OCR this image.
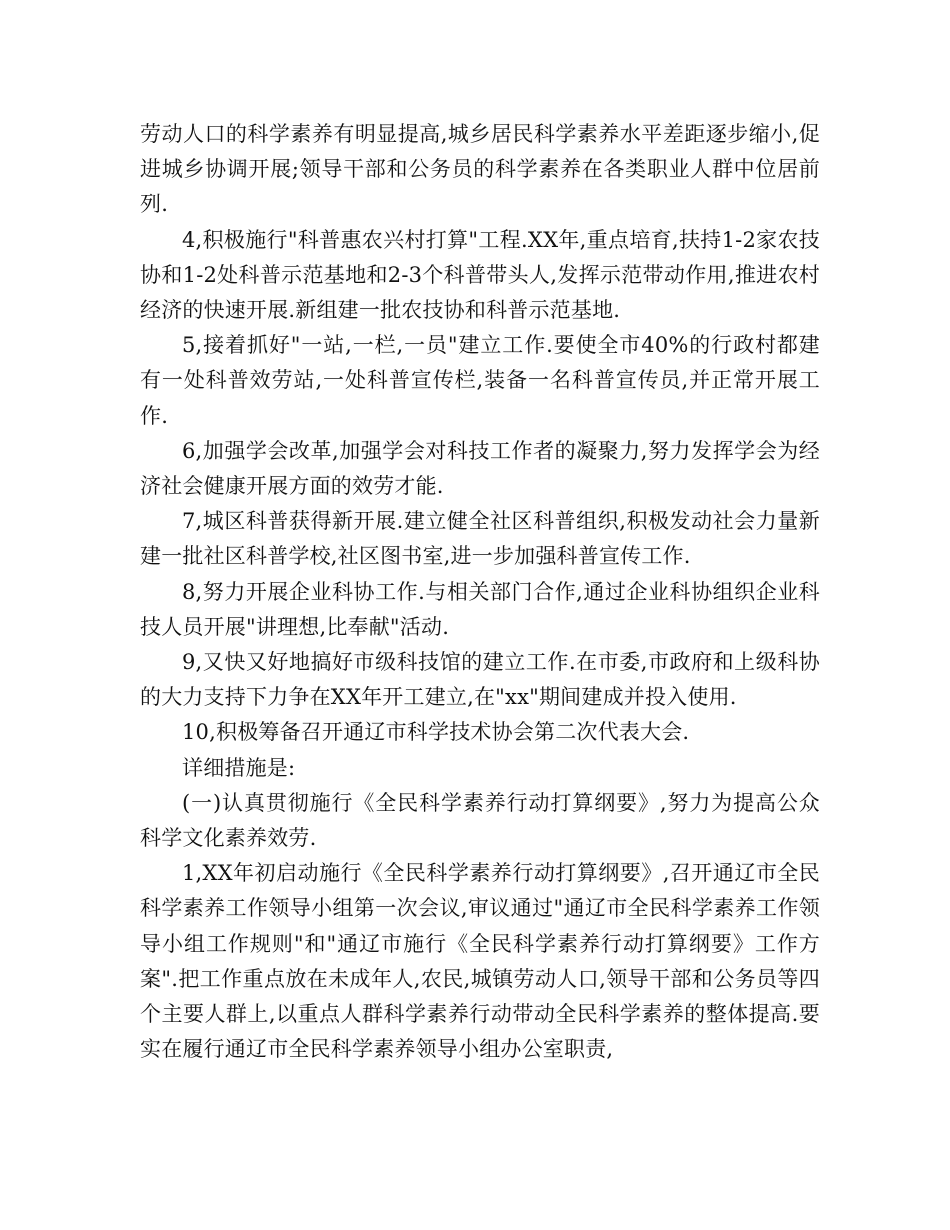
劳动人口的科学素养有明显提高,城乡居民科学素养水平差距逐步缩小,促进城乡协调开展;领导干部和公务员的科学素养在各类职业人群中位居前列.

4,积极施行"科普惠农兴村打算"工程.XX年,重点培育,扶持1-2家农技协和1-2处科普示范基地和2-3个科普带头人,发挥示范带动作用,推进农村经济的快速开展.新组建一批农技协和科普示范基地.

5,接着抓好"一站,一栏,一员"建立工作.要使全市40%的行政村都建有一处科普效劳站,一处科普宣传栏,装备一名科普宣传员,并正常开展工作.

6,加强学会改革,加强学会对科技工作者的凝聚力,努力发挥学会为经济社会健康开展方面的效劳才能.

7,城区科普获得新开展.建立健全社区科普组织,积极发动社会力量新建一批社区科普学校,社区图书室,进一步加强科普宣传工作.

8,努力开展企业科协工作.与相关部门合作,通过企业科协组织企业科技人员开展"讲理想,比奉献"活动.

9,又快又好地搞好市级科技馆的建立工作.在市委,市政府和上级科协的大力支持下力争在XX年开工建立,在"xx"期间建成并投入使用.

10,积极筹备召开通辽市科学技术协会第二次代表大会.

详细措施是:

(一)认真贯彻施行《全民科学素养行动打算纲要》,努力为提高公众科学文化素养效劳.

1,XX年初启动施行《全民科学素养行动打算纲要》,召开通辽市全民科学素养工作领导小组第一次会议,审议通过"通辽市全民科学素养工作领导小组工作规则"和"通辽市施行《全民科学素养行动打算纲要》工作方案".把工作重点放在未成年人,农民,城镇劳动人口,领导干部和公务员等四个主要人群上,以重点人群科学素养行动带动全民科学素养的整体提高.要实在履行通辽市全民科学素养领导小组办公室职责,
